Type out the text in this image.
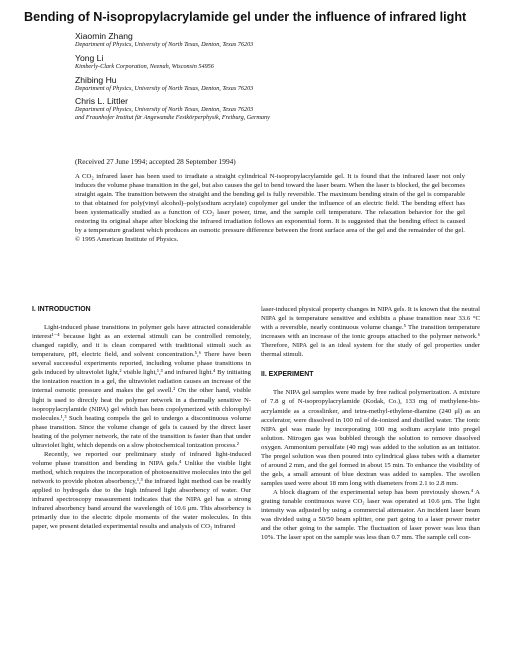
Bending of N-isopropylacrylamide gel under the influence of infrared light
Xiaomin Zhang
Department of Physics, University of North Texas, Denton, Texas 76203
Yong Li
Kimberly-Clark Corporation, Neenah, Wisconsin 54956
Zhibing Hu
Department of Physics, University of North Texas, Denton, Texas 76203
Chris L. Littler
Department of Physics, University of North Texas, Denton, Texas 76203
and Fraunhofer Institut für Angewandte Festkörperphysik, Freiburg, Germany
(Received 27 June 1994; accepted 28 September 1994)

A CO₂ infrared laser has been used to irradiate a straight cylindrical N-isopropylacrylamide gel. It is found that the infrared laser not only induces the volume phase transition in the gel, but also causes the gel to bend toward the laser beam. When the laser is blocked, the gel becomes straight again. The transition between the straight and the bending gel is fully reversible. The maximum bending strain of the gel is comparable to that obtained for poly(vinyl alcohol)–poly(sodium acrylate) copolymer gel under the influence of an electric field. The bending effect has been systematically studied as a function of CO₂ laser power, time, and the sample cell temperature. The relaxation behavior for the gel restoring its original shape after blocking the infrared irradiation follows an exponential form. It is suggested that the bending effect is caused by a temperature gradient which produces an osmotic pressure difference between the front surface area of the gel and the remainder of the gel. © 1995 American Institute of Physics.

I. INTRODUCTION

Light-induced phase transitions in polymer gels have attracted considerable interest¹⁻⁴ because light as an external stimuli can be controlled remotely, changed rapidly, and it is clean compared with traditional stimuli such as temperature, pH, electric field, and solvent concentration.⁵,⁶ There have been several successful experiments reported, including volume phase transitions in gels induced by ultraviolet light,² visible light,¹,³ and infrared light.⁴ By initiating the ionization reaction in a gel, the ultraviolet radiation causes an increase of the internal osmotic pressure and makes the gel swell.² On the other hand, visible light is used to directly heat the polymer network in a thermally sensitive N-isopropylacrylamide (NIPA) gel which has been copolymerized with chlorophyl molecules.¹,³ Such heating compels the gel to undergo a discontinuous volume phase transition. Since the volume change of gels is caused by the direct laser heating of the polymer network, the rate of the transition is faster than that under ultraviolet light, which depends on a slow photochemical ionization process.²

Recently, we reported our preliminary study of infrared light-induced volume phase transition and bending in NIPA gels.⁴ Unlike the visible light method, which requires the incorporation of photosensitive molecules into the gel network to provide photon absorbency,¹,³ the infrared light method can be readily applied to hydrogels due to the high infrared light absorbency of water. Our infrared spectroscopy measurement indicates that the NIPA gel has a strong infrared absorbency band around the wavelength of 10.6 μm. This absorbency is primarily due to the electric dipole moments of the water molecules. In this paper, we present detailed experimental results and analysis of CO₂ infrared

laser-induced physical property changes in NIPA gels. It is known that the neutral NIPA gel is temperature sensitive and exhibits a phase transition near 33.6 °C with a reversible, nearly continuous volume change.⁵ The transition temperature increases with an increase of the ionic groups attached to the polymer network.⁶ Therefore, NIPA gel is an ideal system for the study of gel properties under thermal stimuli.

II. EXPERIMENT

The NIPA gel samples were made by free radical polymerization. A mixture of 7.8 g of N-isopropylacrylamide (Kodak, Co.), 133 mg of methylene-bis-acrylamide as a crosslinker, and tetra-methyl-ethylene-diamine (240 μl) as an accelerator, were dissolved in 100 ml of de-ionized and distilled water. The ionic NIPA gel was made by incorporating 100 mg sodium acrylate into pregel solution. Nitrogen gas was bubbled through the solution to remove dissolved oxygen. Ammonium persulfate (40 mg) was added to the solution as an initiator. The pregel solution was then poured into cylindrical glass tubes with a diameter of around 2 mm, and the gel formed in about 15 min. To enhance the visibility of the gels, a small amount of blue dextran was added to samples. The swollen samples used were about 18 mm long with diameters from 2.1 to 2.8 mm.

A block diagram of the experimental setup has been previously shown.⁴ A grating tunable continuous wave CO₂ laser was operated at 10.6 μm. The light intensity was adjusted by using a commercial attenuator. An incident laser beam was divided using a 50/50 beam splitter, one part going to a laser power meter and the other going to the sample. The fluctuation of laser power was less than 10%. The laser spot on the sample was less than 0.7 mm. The sample cell con-
